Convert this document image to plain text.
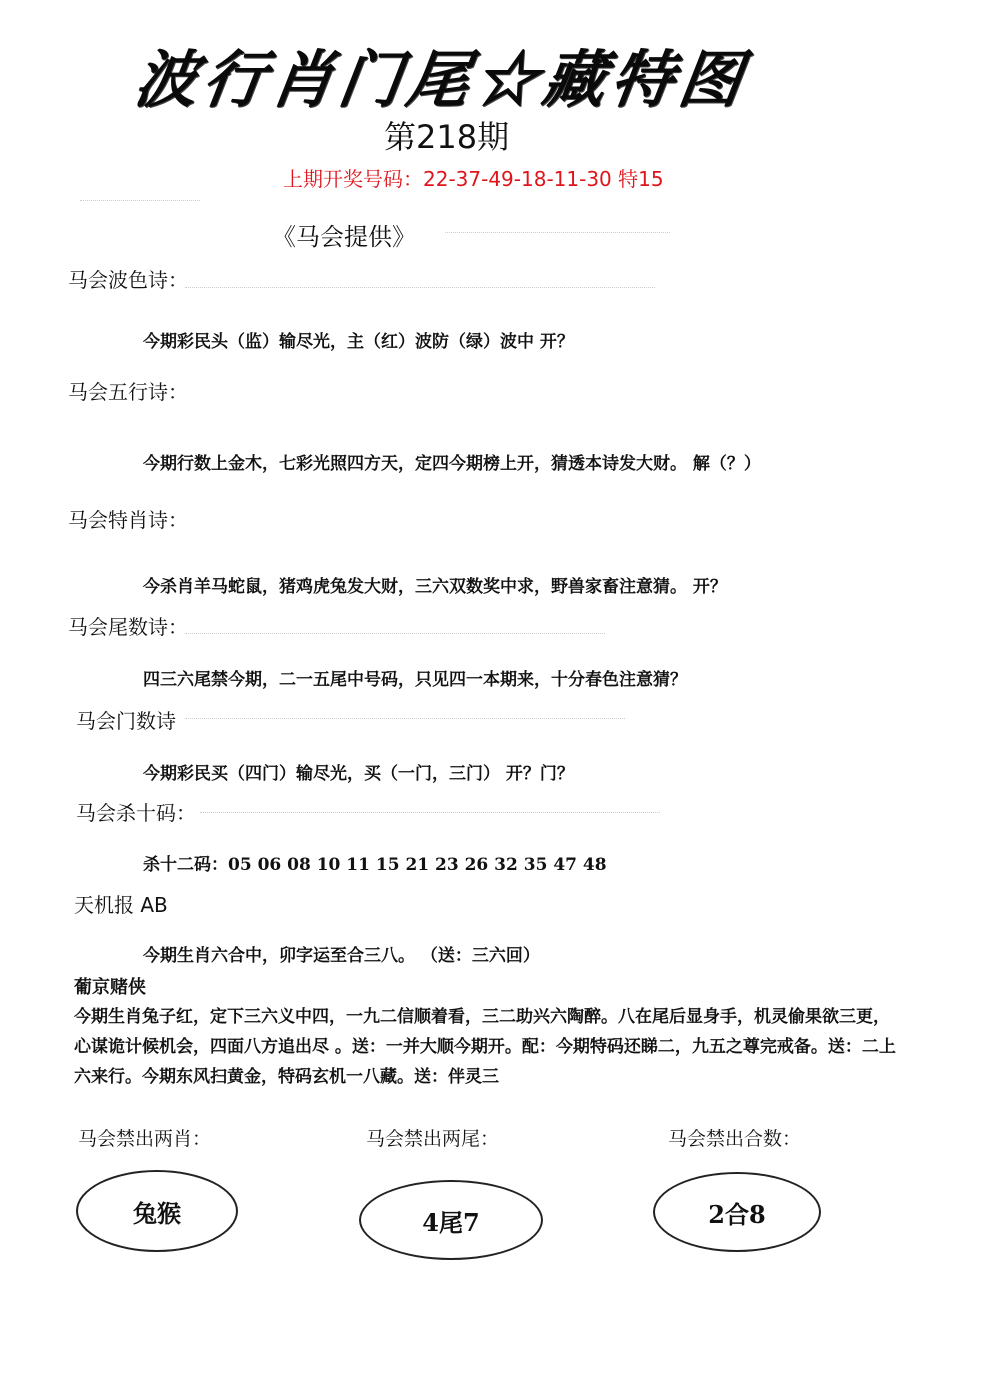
波行肖门尾☆藏特图
第218期
上期开奖号码：22-37-49-18-11-30 特15
《马会提供》
马会波色诗：
今期彩民头（监）输尽光，主（红）波防（绿）波中 开？
马会五行诗：
今期行数上金木，七彩光照四方天，定四今期榜上开，猜透本诗发大财。 解（？）
马会特肖诗：
今杀肖羊马蛇鼠，猪鸡虎兔发大财，三六双数奖中求，野兽家畜注意猜。 开？
马会尾数诗：
四三六尾禁今期，二一五尾中号码，只见四一本期来，十分春色注意猜？
马会门数诗
今期彩民买（四门）输尽光，买（一门，三门） 开？门？
马会杀十码：
杀十二码：05 06 08 10 11 15 21 23 26 32 35 47 48
天机报 AB
今期生肖六合中，卯字运至合三八。 （送：三六回）
葡京赌侠
今期生肖兔子红，定下三六义中四，一九二信顺着看，三二助兴六陶醉。八在尾后显身手，机灵偷果欲三更，心谋诡计候机会，四面八方追出尽 。送：一并大顺今期开。配：今期特码还睇二，九五之尊完戒备。送：二上六来行。今期东风扫黄金，特码玄机一八藏。送：伴灵三
马会禁出两肖：	马会禁出两尾：	马会禁出合数：
兔猴	4尾7	2合8
